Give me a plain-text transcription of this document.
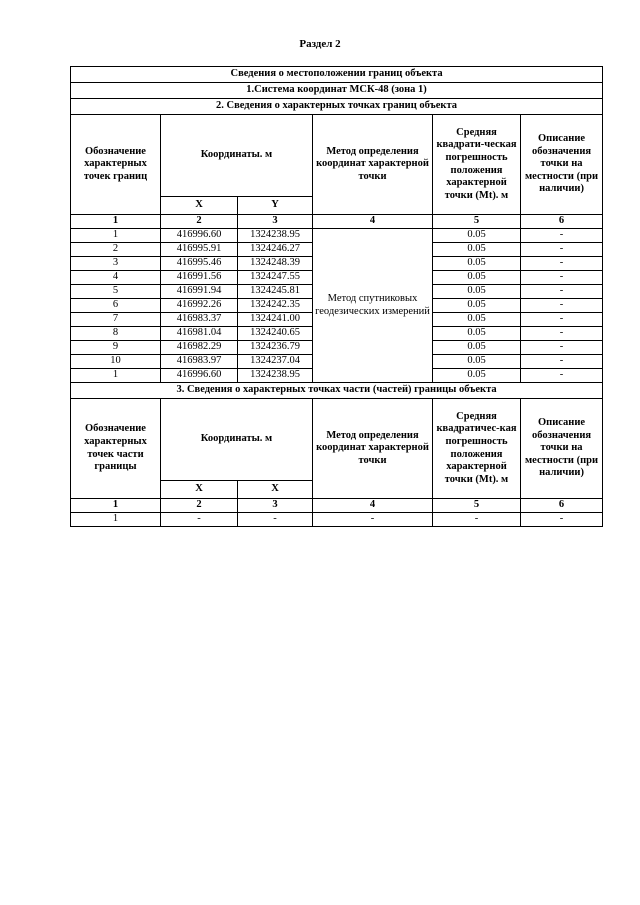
Раздел 2
Сведения о местоположении границ объекта					
1.Система координат МСК-48 (зона 1)					
2. Сведения о характерных точках границ объекта					
Обозначение характерных точек границ	Координаты. м		Метод определения координат характерной точки	Средняя квадрати-ческая погрешность положения характерной точки (Mt). м	Описание обозначения точки на местности (при наличии)
	X	Y			
1	2	3	4	5	6
1	416996.60	1324238.95	Метод спутниковых геодезических измерений	0.05	-
2	416995.91	1324246.27		0.05	-
3	416995.46	1324248.39		0.05	-
4	416991.56	1324247.55		0.05	-
5	416991.94	1324245.81		0.05	-
6	416992.26	1324242.35		0.05	-
7	416983.37	1324241.00		0.05	-
8	416981.04	1324240.65		0.05	-
9	416982.29	1324236.79		0.05	-
10	416983.97	1324237.04		0.05	-
1	416996.60	1324238.95		0.05	-
3. Сведения о характерных точках части (частей) границы объекта					
Обозначение характерных точек части границы	Координаты. м		Метод определения координат характерной точки	Средняя квадратичес-кая погрешность положения характерной точки (Mt). м	Описание обозначения точки на местности (при наличии)
	X	X			
1	2	3	4	5	6
1	-	-	-	-	-
